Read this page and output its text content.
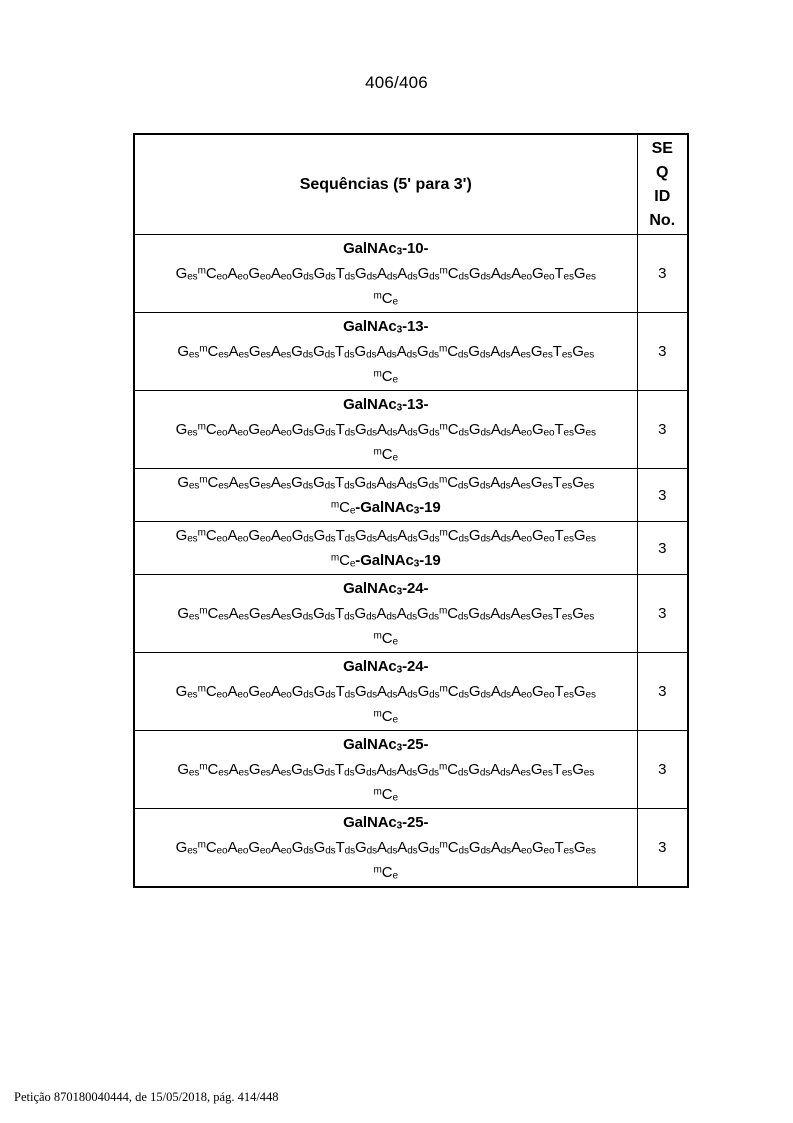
406/406
Sequências (5' para 3')	SE
Q
ID
No.

GalNAc$_3$-10-
$G_{es}^mC_{eo}A_{eo}G_{eo}A_{eo}G_{ds}G_{ds}T_{ds}G_{ds}A_{ds}A_{ds}G_{ds}^mC_{ds}G_{ds}A_{ds}A_{eo}G_{eo}T_{es}G_{es}$
$^mC_e$	3

GalNAc$_3$-13-
$G_{es}^mC_{es}A_{es}G_{es}A_{es}G_{ds}G_{ds}T_{ds}G_{ds}A_{ds}A_{ds}G_{ds}^mC_{ds}G_{ds}A_{ds}A_{es}G_{es}T_{es}G_{es}$
$^mC_e$	3

GalNAc$_3$-13-
$G_{es}^mC_{eo}A_{eo}G_{eo}A_{eo}G_{ds}G_{ds}T_{ds}G_{ds}A_{ds}A_{ds}G_{ds}^mC_{ds}G_{ds}A_{ds}A_{eo}G_{eo}T_{es}G_{es}$
$^mC_e$	3

$G_{es}^mC_{es}A_{es}G_{es}A_{es}G_{ds}G_{ds}T_{ds}G_{ds}A_{ds}A_{ds}G_{ds}^mC_{ds}G_{ds}A_{ds}A_{es}G_{es}T_{es}G_{es}$
$^mC_e-GalNAc_3-19$	3

$G_{es}^mC_{eo}A_{eo}G_{eo}A_{eo}G_{ds}G_{ds}T_{ds}G_{ds}A_{ds}A_{ds}G_{ds}^mC_{ds}G_{ds}A_{ds}A_{eo}G_{eo}T_{es}G_{es}$
$^mC_e-GalNAc_3-19$	3

GalNAc$_3$-24-
$G_{es}^mC_{es}A_{es}G_{es}A_{es}G_{ds}G_{ds}T_{ds}G_{ds}A_{ds}A_{ds}G_{ds}^mC_{ds}G_{ds}A_{ds}A_{es}G_{es}T_{es}G_{es}$
$^mC_e$	3

GalNAc$_3$-24-
$G_{es}^mC_{eo}A_{eo}G_{eo}A_{eo}G_{ds}G_{ds}T_{ds}G_{ds}A_{ds}A_{ds}G_{ds}^mC_{ds}G_{ds}A_{ds}A_{eo}G_{eo}T_{es}G_{es}$
$^mC_e$	3

GalNAc$_3$-25-
$G_{es}^mC_{es}A_{es}G_{es}A_{es}G_{ds}G_{ds}T_{ds}G_{ds}A_{ds}A_{ds}G_{ds}^mC_{ds}G_{ds}A_{ds}A_{es}G_{es}T_{es}G_{es}$
$^mC_e$	3

GalNAc$_3$-25-
$G_{es}^mC_{eo}A_{eo}G_{eo}A_{eo}G_{ds}G_{ds}T_{ds}G_{ds}A_{ds}A_{ds}G_{ds}^mC_{ds}G_{ds}A_{ds}A_{eo}G_{eo}T_{es}G_{es}$
$^mC_e$	3
Petição 870180040444, de 15/05/2018, pág. 414/448
